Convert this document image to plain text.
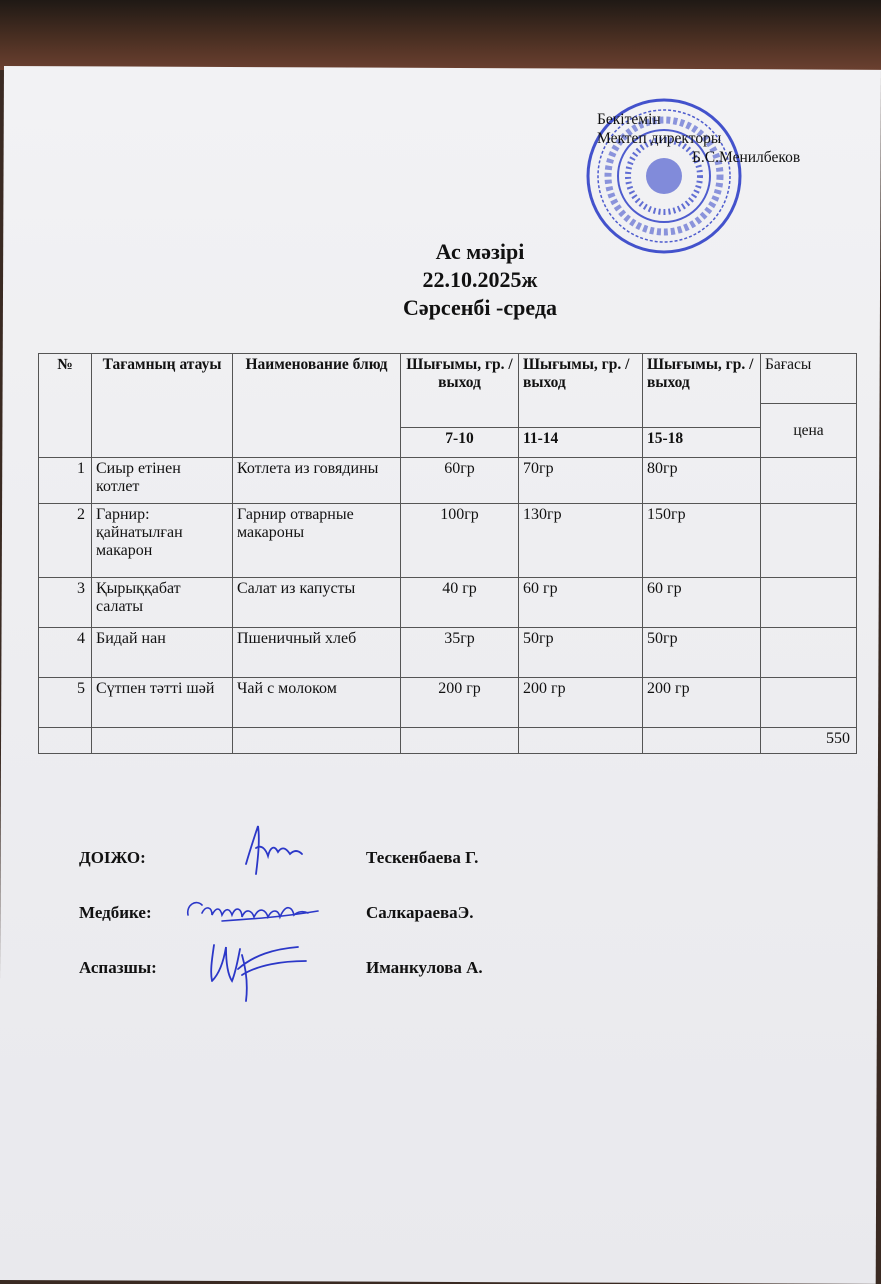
Бекітемін
Мектеп директоры
Б.С.Менилбеков
Ас мәзірі
22.10.2025ж
Сәрсенбі -среда
№	Тағамның атауы	Наименование блюд	Шығымы, гр. / выход	Шығымы, гр. / выход	Шығымы, гр. / выход	Бағасы
						цена
			7-10	11-14	15-18	
1	Сиыр етінен котлет	Котлета из говядины	60гр	70гр	80гр	
2	Гарнир: қайнатылған макарон	Гарнир отварные макароны	100гр	130гр	150гр	
3	Қырыққабат салаты	Салат из капусты	40 гр	60 гр	60 гр	
4	Бидай нан	Пшеничный хлеб	35гр	50гр	50гр	
5	Сүтпен тәтті шәй	Чай с молоком	200 гр	200 гр	200 гр	
						550
ДОІЖО:	Тескенбаева Г.
Медбике:	СалкараеваЭ.
Аспазшы:	Иманкулова А.
